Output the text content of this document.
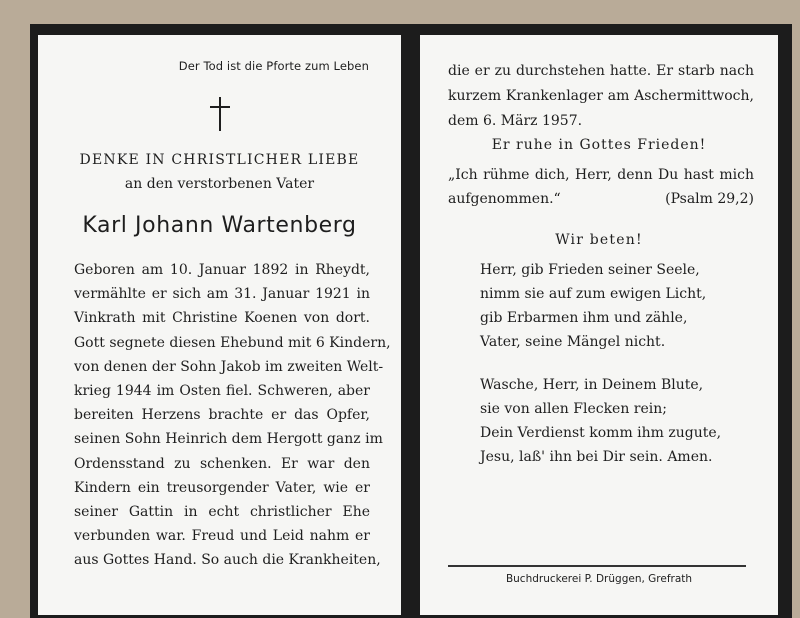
Der Tod ist die Pforte zum Leben
DENKE IN CHRISTLICHER LIEBE
an den verstorbenen Vater
Karl Johann Wartenberg
Geboren am 10. Januar 1892 in Rheydt,
vermählte er sich am 31. Januar 1921 in
Vinkrath mit Christine Koenen von dort.
Gott segnete diesen Ehebund mit 6 Kindern,
von denen der Sohn Jakob im zweiten Welt-
krieg 1944 im Osten fiel. Schweren, aber
bereiten Herzens brachte er das Opfer,
seinen Sohn Heinrich dem Hergott ganz im
Ordensstand zu schenken. Er war den
Kindern ein treusorgender Vater, wie er
seiner Gattin in echt christlicher Ehe
verbunden war. Freud und Leid nahm er
aus Gottes Hand. So auch die Krankheiten,
die er zu durchstehen hatte. Er starb nach
kurzem Krankenlager am Aschermittwoch,
dem 6. März 1957.
Er ruhe in Gottes Frieden!
„Ich rühme dich, Herr, denn Du hast mich
aufgenommen.“	(Psalm 29,2)
Wir beten!
Herr, gib Frieden seiner Seele,
nimm sie auf zum ewigen Licht,
gib Erbarmen ihm und zähle,
Vater, seine Mängel nicht.
Wasche, Herr, in Deinem Blute,
sie von allen Flecken rein;
Dein Verdienst komm ihm zugute,
Jesu, laß' ihn bei Dir sein. Amen.
Buchdruckerei P. Drüggen, Grefrath
